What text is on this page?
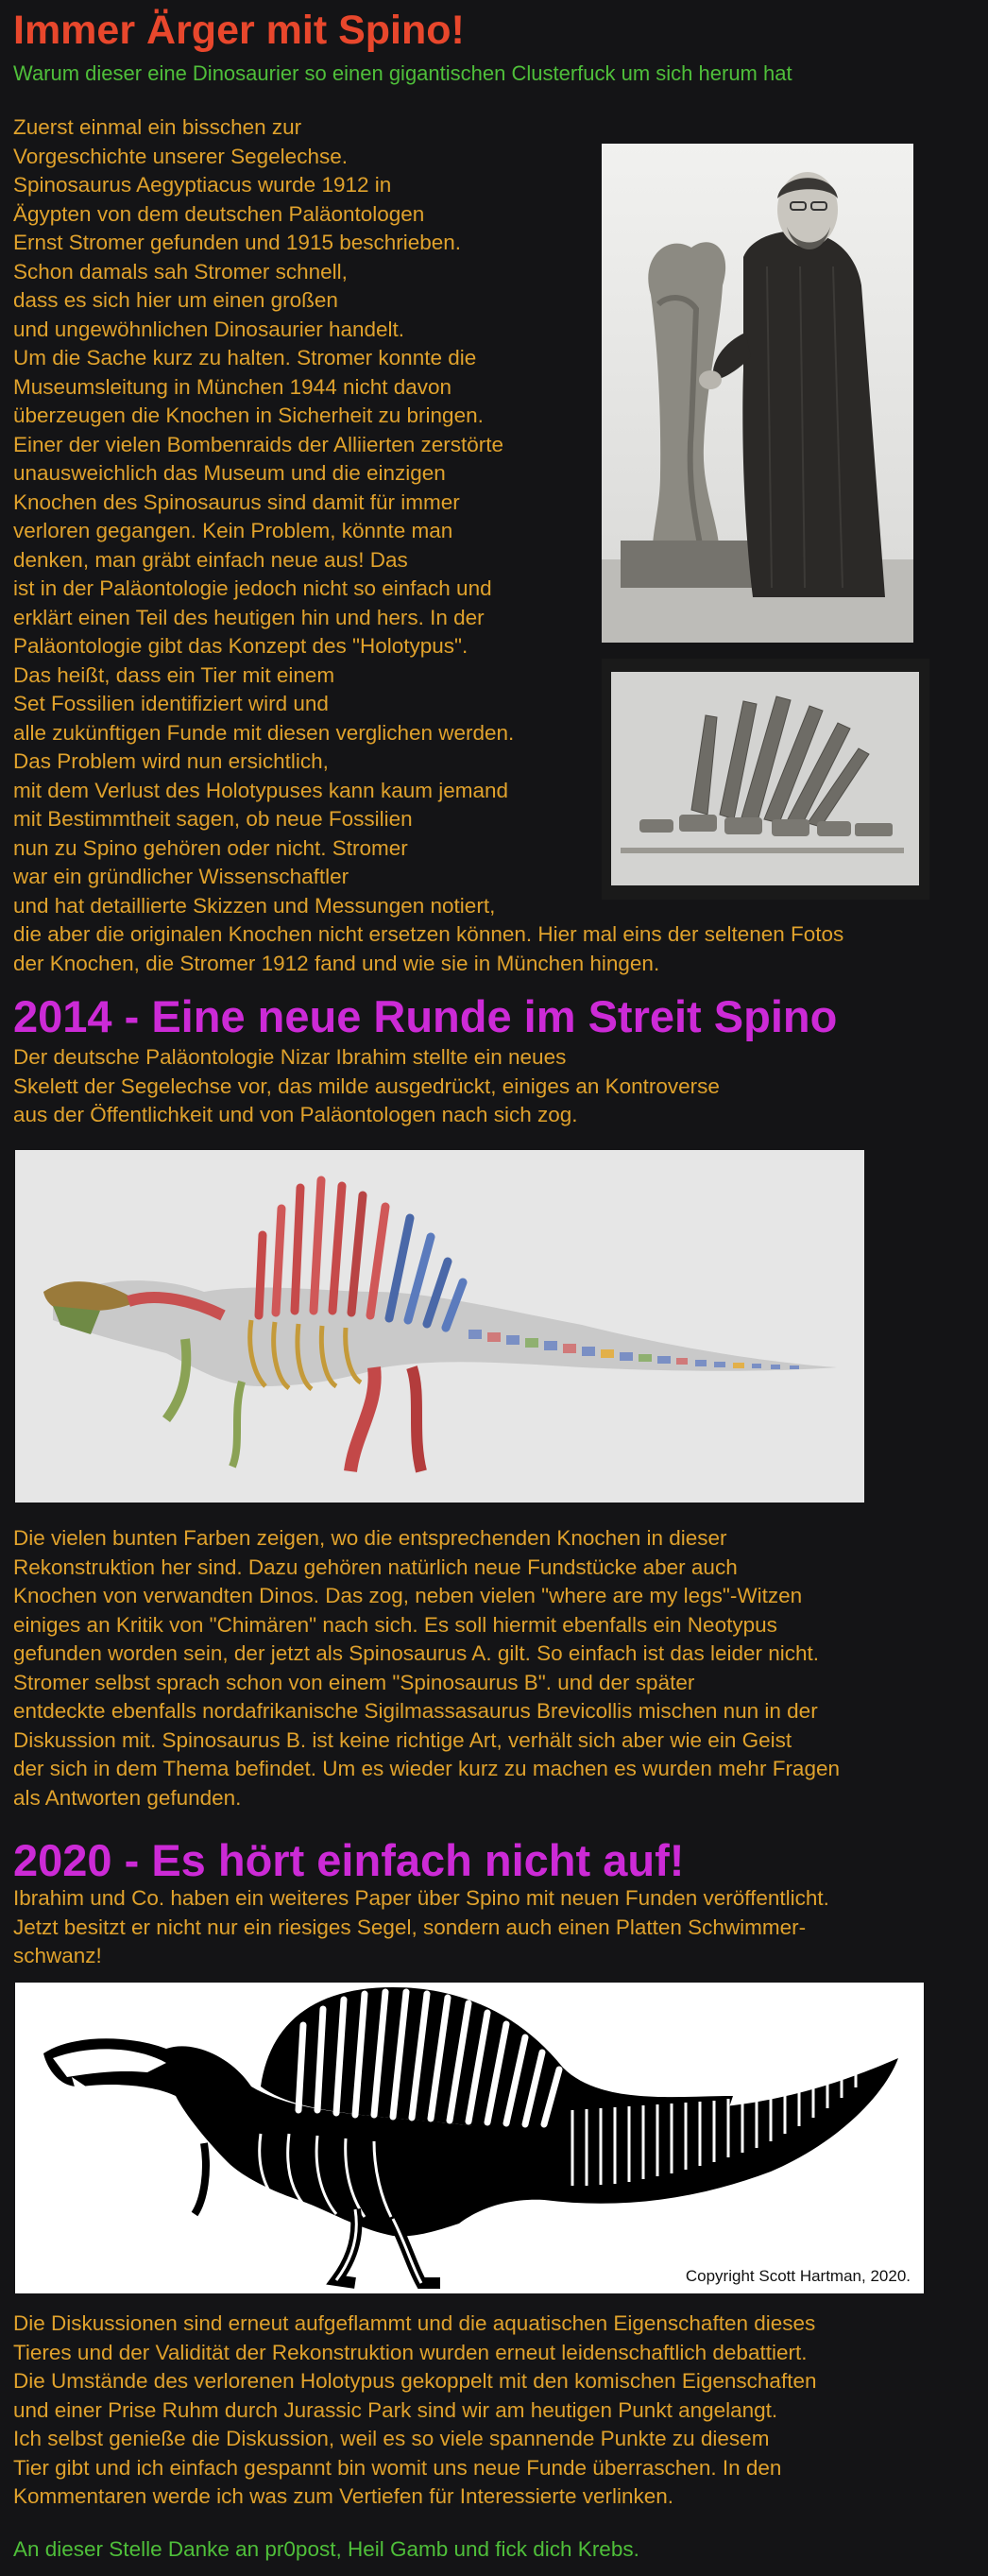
Immer Ärger mit Spino!
Warum dieser eine Dinosaurier so einen gigantischen Clusterfuck um sich herum hat
Zuerst einmal ein bisschen zur
Vorgeschichte unserer Segelechse.
Spinosaurus Aegyptiacus wurde 1912 in
Ägypten von dem deutschen Paläontologen
Ernst Stromer gefunden und 1915 beschrieben.
Schon damals sah Stromer schnell,
dass es sich hier um einen großen
und ungewöhnlichen Dinosaurier handelt.
Um die Sache kurz zu halten. Stromer konnte die
Museumsleitung in München 1944 nicht davon
überzeugen die Knochen in Sicherheit zu bringen.
Einer der vielen Bombenraids der Alliierten zerstörte
unausweichlich das Museum und die einzigen
Knochen des Spinosaurus sind damit für immer
verloren gegangen. Kein Problem, könnte man
denken, man gräbt einfach neue aus! Das
ist in der Paläontologie jedoch nicht so einfach und
erklärt einen Teil des heutigen hin und hers. In der
Paläontologie gibt das Konzept des "Holotypus".
Das heißt, dass ein Tier mit einem
Set Fossilien identifiziert wird und
alle zukünftigen Funde mit diesen verglichen werden.
Das Problem wird nun ersichtlich,
mit dem Verlust des Holotypuses kann kaum jemand
mit Bestimmtheit sagen, ob neue Fossilien
nun zu Spino gehören oder nicht. Stromer
war ein gründlicher Wissenschaftler
und hat detaillierte Skizzen und Messungen notiert,
die aber die originalen Knochen nicht ersetzen können. Hier mal eins der seltenen Fotos
der Knochen, die Stromer 1912 fand und wie sie in München hingen.
2014 - Eine neue Runde im Streit Spino
Der deutsche Paläontologie Nizar Ibrahim stellte ein neues
Skelett der Segelechse vor, das milde ausgedrückt, einiges an Kontroverse
aus der Öffentlichkeit und von Paläontologen nach sich zog.
Die vielen bunten Farben zeigen, wo die entsprechenden Knochen in dieser
Rekonstruktion her sind. Dazu gehören natürlich neue Fundstücke aber auch
Knochen von verwandten Dinos. Das zog, neben vielen "where are my legs"-Witzen
einiges an Kritik von "Chimären" nach sich. Es soll hiermit ebenfalls ein Neotypus
gefunden worden sein, der jetzt als Spinosaurus A. gilt. So einfach ist das leider nicht.
Stromer selbst sprach schon von einem "Spinosaurus B". und der später
entdeckte ebenfalls nordafrikanische Sigilmassasaurus Brevicollis mischen nun in der
Diskussion mit. Spinosaurus B. ist keine richtige Art, verhält sich aber wie ein Geist
der sich in dem Thema befindet. Um es wieder kurz zu machen es wurden mehr Fragen
als Antworten gefunden.
2020 - Es hört einfach nicht auf!
Ibrahim und Co. haben ein weiteres Paper über Spino mit neuen Funden veröffentlicht.
Jetzt besitzt er nicht nur ein riesiges Segel, sondern auch einen Platten Schwimmer-
schwanz!
Copyright Scott Hartman, 2020.
Die Diskussionen sind erneut aufgeflammt und die aquatischen Eigenschaften dieses
Tieres und der Validität der Rekonstruktion wurden erneut leidenschaftlich debattiert.
Die Umstände des verlorenen Holotypus gekoppelt mit den komischen Eigenschaften
und einer Prise Ruhm durch Jurassic Park sind wir am heutigen Punkt angelangt.
Ich selbst genieße die Diskussion, weil es so viele spannende Punkte zu diesem
Tier gibt und ich einfach gespannt bin womit uns neue Funde überraschen. In den
Kommentaren werde ich was zum Vertiefen für Interessierte verlinken.
An dieser Stelle Danke an pr0post, Heil Gamb und fick dich Krebs.
